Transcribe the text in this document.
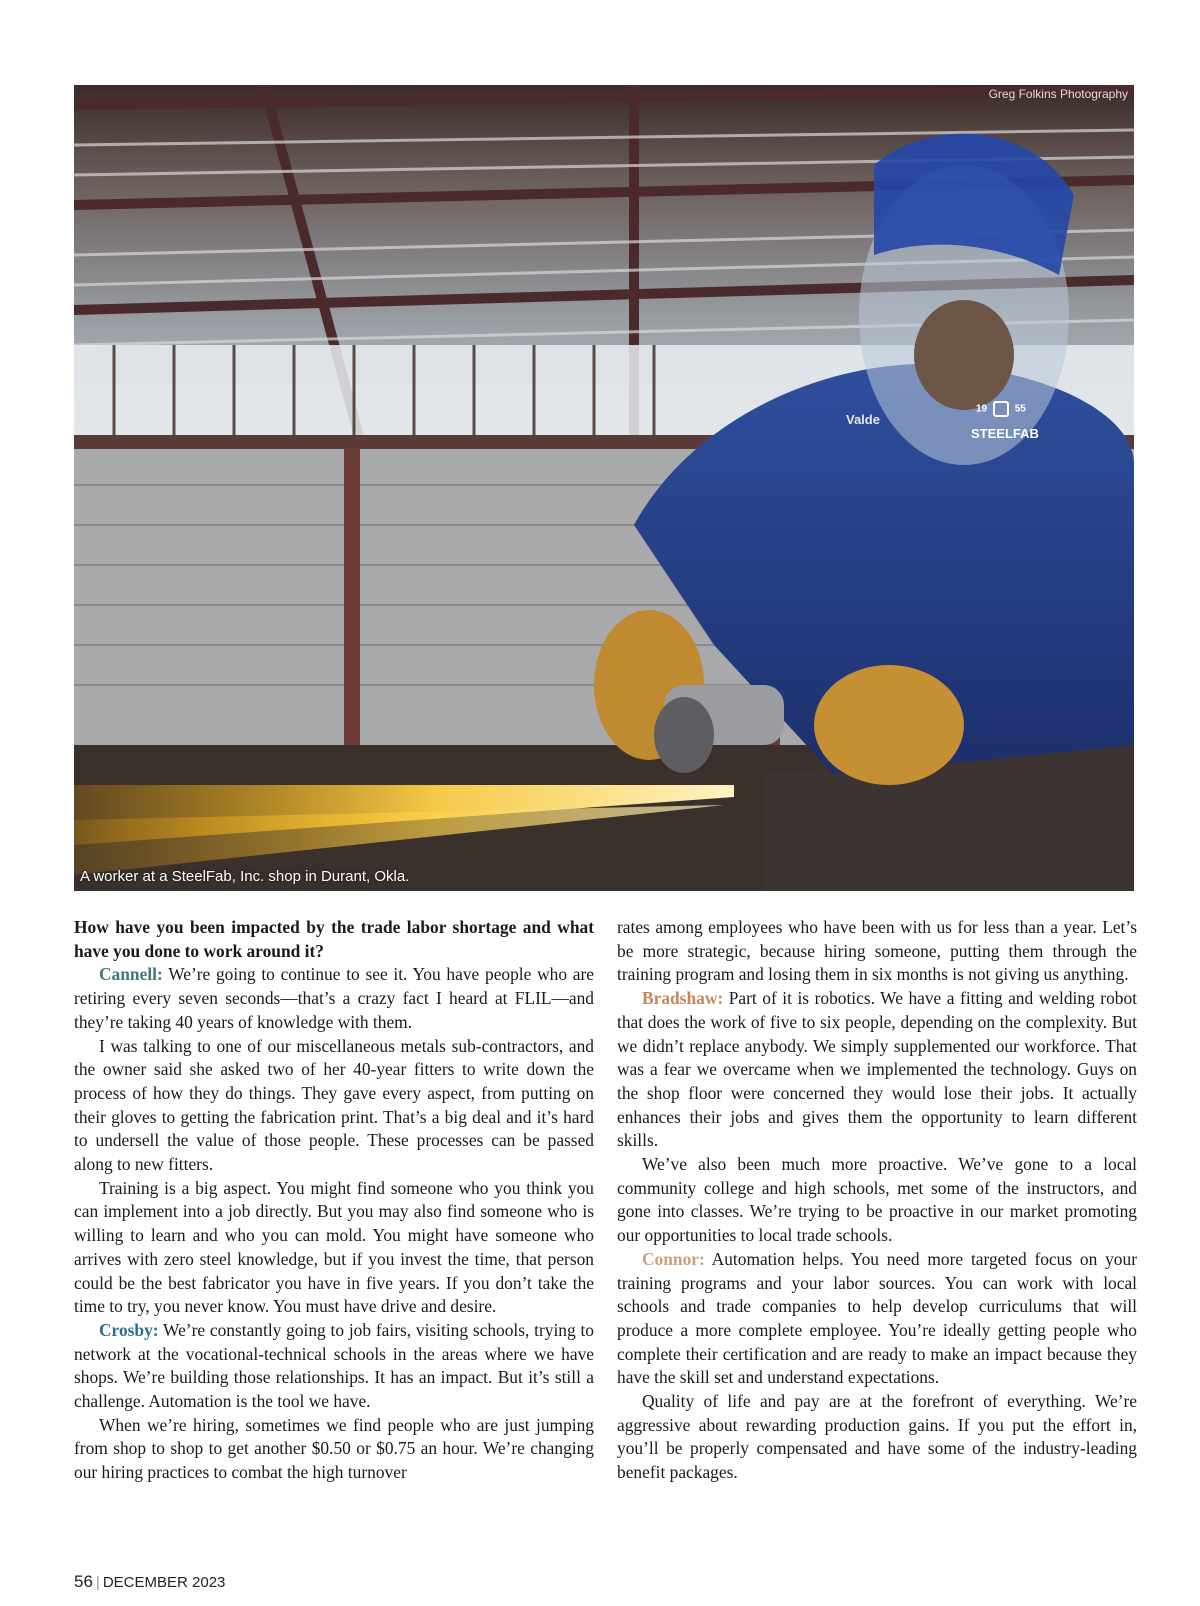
Greg Folkins Photography
Valde
19	55
STEELFAB
A worker at a SteelFab, Inc. shop in Durant, Okla.

How have you been impacted by the trade labor shortage and what have you done to work around it?

Cannell: We’re going to continue to see it. You have people who are retiring every seven seconds—that’s a crazy fact I heard at FLIL—and they’re taking 40 years of knowledge with them.

I was talking to one of our miscellaneous metals sub-contractors, and the owner said she asked two of her 40-year fitters to write down the process of how they do things. They gave every aspect, from putting on their gloves to getting the fabrication print. That’s a big deal and it’s hard to undersell the value of those people. These processes can be passed along to new fitters.

Training is a big aspect. You might find someone who you think you can implement into a job directly. But you may also find someone who is willing to learn and who you can mold. You might have someone who arrives with zero steel knowledge, but if you invest the time, that person could be the best fabricator you have in five years. If you don’t take the time to try, you never know. You must have drive and desire.

Crosby: We’re constantly going to job fairs, visiting schools, trying to network at the vocational-technical schools in the areas where we have shops. We’re building those relationships. It has an impact. But it’s still a challenge. Automation is the tool we have.

When we’re hiring, sometimes we find people who are just jumping from shop to shop to get another $0.50 or $0.75 an hour. We’re changing our hiring practices to combat the high turnover

rates among employees who have been with us for less than a year. Let’s be more strategic, because hiring someone, putting them through the training program and losing them in six months is not giving us anything.

Bradshaw: Part of it is robotics. We have a fitting and welding robot that does the work of five to six people, depending on the complexity. But we didn’t replace anybody. We simply supplemented our workforce. That was a fear we overcame when we implemented the technology. Guys on the shop floor were concerned they would lose their jobs. It actually enhances their jobs and gives them the opportunity to learn different skills.

We’ve also been much more proactive. We’ve gone to a local community college and high schools, met some of the instructors, and gone into classes. We’re trying to be proactive in our market promoting our opportunities to local trade schools.

Connor: Automation helps. You need more targeted focus on your training programs and your labor sources. You can work with local schools and trade companies to help develop curriculums that will produce a more complete employee. You’re ideally getting people who complete their certification and are ready to make an impact because they have the skill set and understand expectations.

Quality of life and pay are at the forefront of everything. We’re aggressive about rewarding production gains. If you put the effort in, you’ll be properly compensated and have some of the industry-leading benefit packages.

56 | DECEMBER 2023
